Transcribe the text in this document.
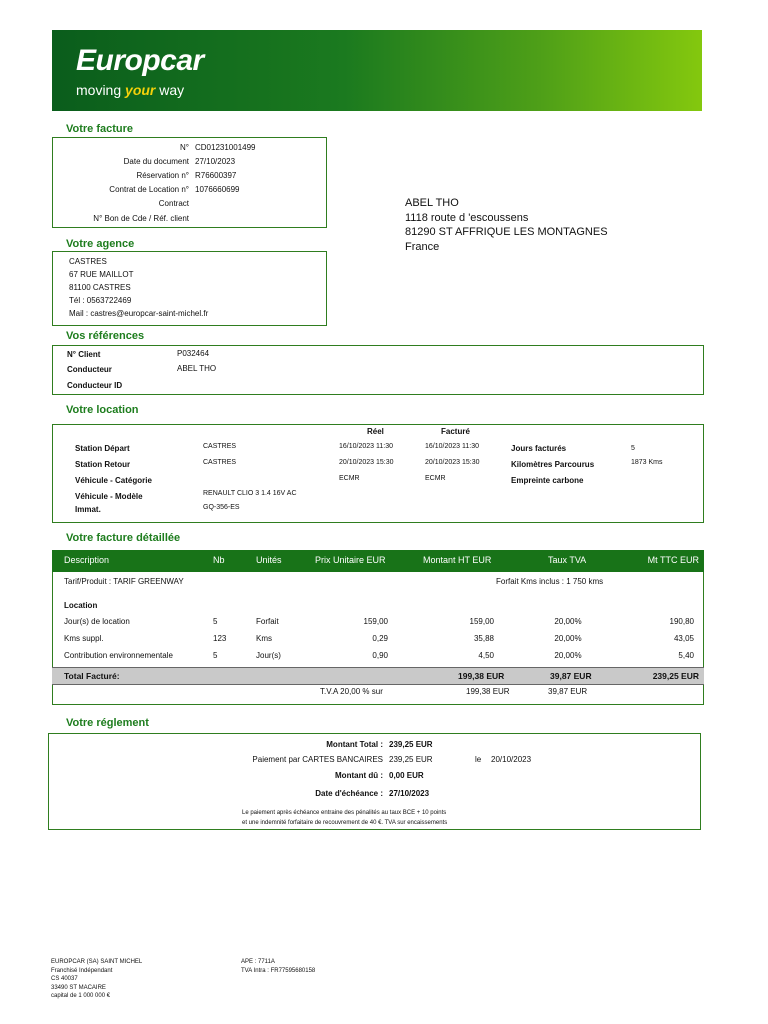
Europcar
moving your way
Votre facture
N° CD01231001499
Date du document 27/10/2023
Réservation n° R76600397
Contrat de Location n° 1076660699
Contract
N° Bon de Cde / Réf. client
ABEL THO
1118 route d 'escoussens
81290 ST AFFRIQUE LES MONTAGNES
France
Votre agence
CASTRES
67 RUE MAILLOT
81100 CASTRES
Tél : 0563722469
Mail : castres@europcar-saint-michel.fr
Vos références
N° Client	P032464
Conducteur	ABEL THO
Conducteur ID
Votre location
Réel	Facturé
Station Départ	CASTRES	16/10/2023 11:30	16/10/2023 11:30	Jours facturés	5
Station Retour	CASTRES	20/10/2023 15:30	20/10/2023 15:30	Kilomètres Parcourus	1873 Kms
Véhicule - Catégorie	ECMR	ECMR	Empreinte carbone
Véhicule - Modèle	RENAULT CLIO 3 1.4 16V AC
Immat.	GQ-356-ES
Votre facture détaillée
Description	Nb	Unités	Prix Unitaire EUR	Montant HT EUR	Taux TVA	Mt TTC EUR
Tarif/Produit : TARIF GREENWAY	Forfait Kms inclus : 1 750 kms
Location
Jour(s) de location	5	Forfait	159,00	159,00	20,00%	190,80
Kms suppl.	123	Kms	0,29	35,88	20,00%	43,05
Contribution environnementale	5	Jour(s)	0,90	4,50	20,00%	5,40
Total Facturé:	199,38 EUR	39,87 EUR	239,25 EUR
T.V.A 20,00 % sur	199,38 EUR	39,87 EUR
Votre réglement
Montant Total : 239,25 EUR
Paiement par CARTES BANCAIRES 239,25 EUR	le 20/10/2023
Montant dû : 0,00 EUR
Date d'échéance : 27/10/2023
Le paiement après échéance entraine des pénalités au taux BCE + 10 points
et une indemnité forfaitaire de recouvrement de 40 €. TVA sur encaissements
EUROPCAR (SA) SAINT MICHEL
Franchisé Indépendant
CS 40037
33490 ST MACAIRE
capital de 1 000 000 €
APE : 7711A
TVA Intra : FR77595680158
